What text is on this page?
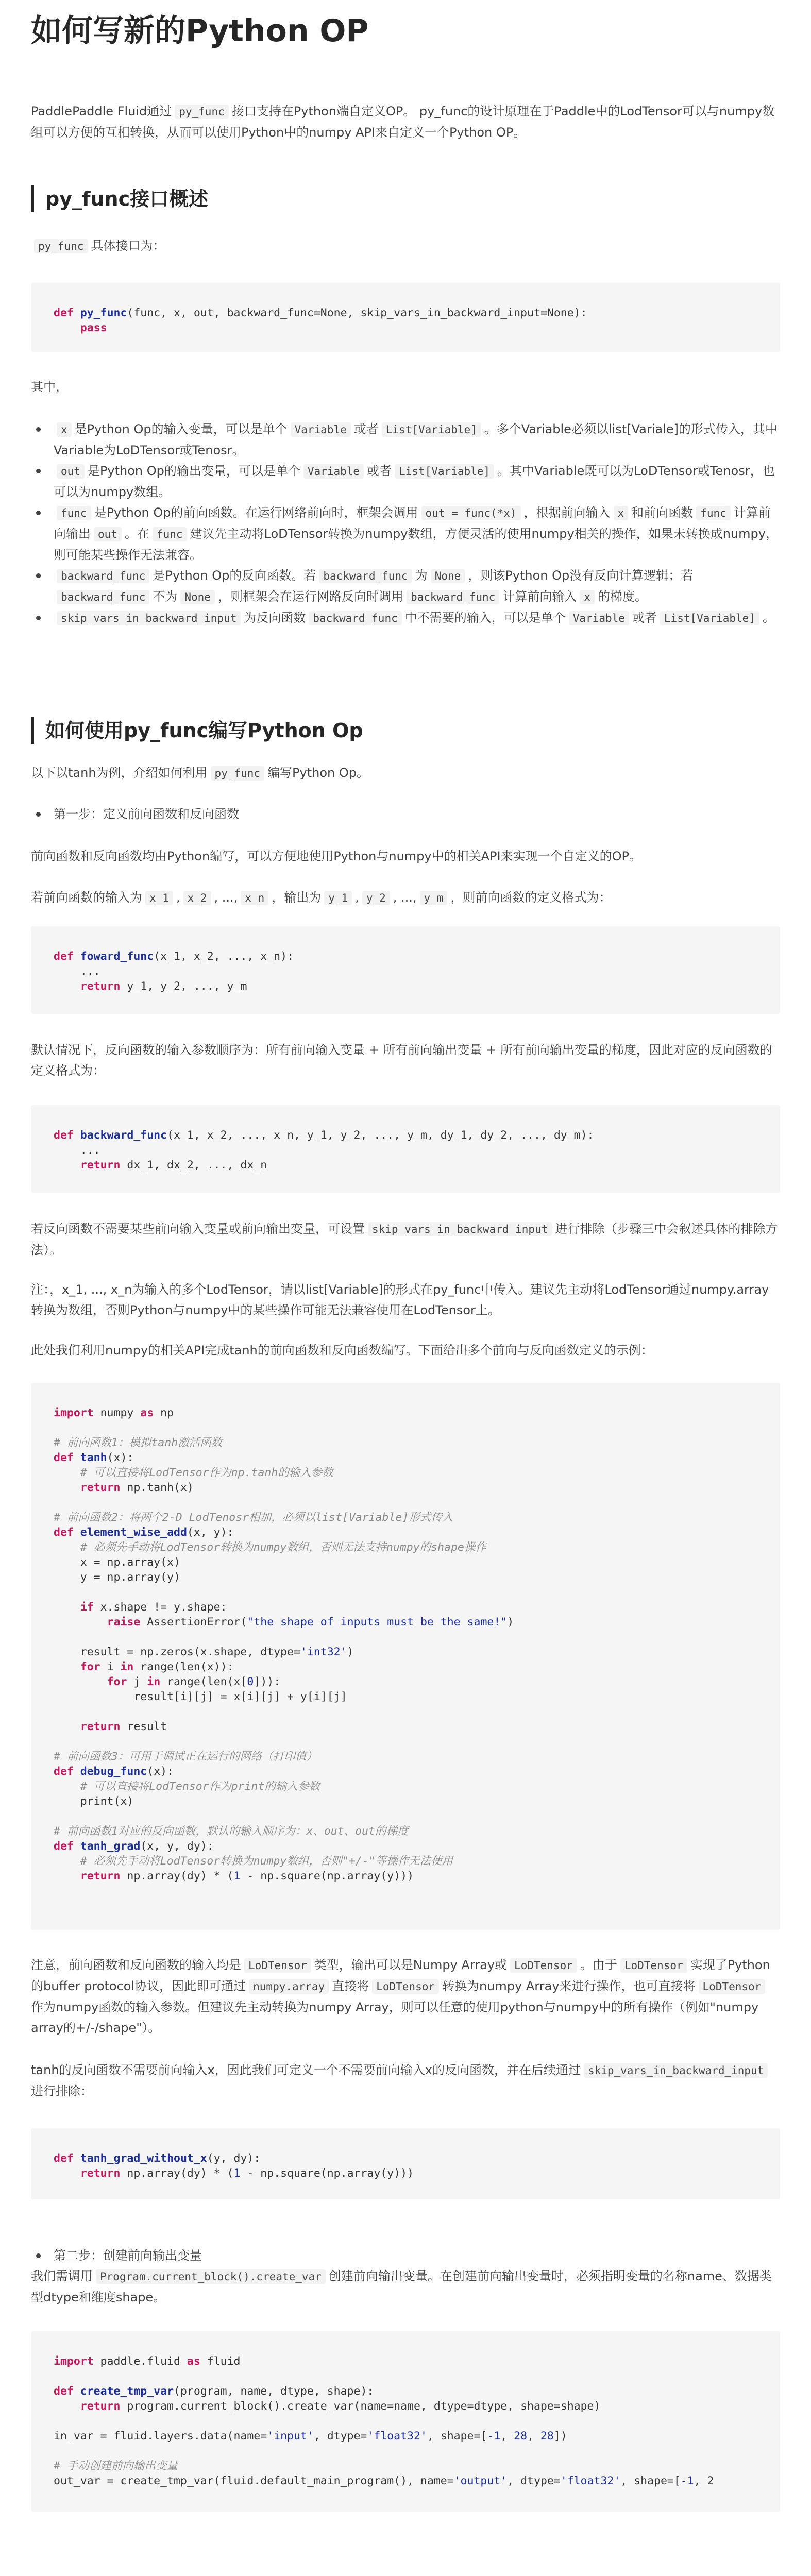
如何写新的Python OP

PaddlePaddle Fluid通过 py_func 接口支持在Python端自定义OP。 py_func的设计原理在于Paddle中的LodTensor可以与numpy数组可以方便的互相转换，从而可以使用Python中的numpy API来自定义一个Python OP。

py_func接口概述

py_func 具体接口为：

def py_func(func, x, out, backward_func=None, skip_vars_in_backward_input=None):
pass

其中，

x 是Python Op的输入变量，可以是单个 Variable 或者 List[Variable] 。多个Variable必须以list[Variale]的形式传入，其中Variable为LoDTensor或Tenosr。
out 是Python Op的输出变量，可以是单个 Variable 或者 List[Variable] 。其中Variable既可以为LoDTensor或Tenosr，也可以为numpy数组。
func 是Python Op的前向函数。在运行网络前向时，框架会调用 out = func(*x) ，根据前向输入 x 和前向函数 func 计算前向输出 out 。在 func 建议先主动将LoDTensor转换为numpy数组，方便灵活的使用numpy相关的操作，如果未转换成numpy，则可能某些操作无法兼容。
backward_func 是Python Op的反向函数。若 backward_func 为 None ，则该Python Op没有反向计算逻辑；若backward_func 不为 None ，则框架会在运行网路反向时调用 backward_func 计算前向输入 x 的梯度。
skip_vars_in_backward_input 为反向函数 backward_func 中不需要的输入，可以是单个 Variable 或者 List[Variable] 。
如何使用py_func编写Python Op

以下以tanh为例，介绍如何利用 py_func 编写Python Op。

第一步：定义前向函数和反向函数

前向函数和反向函数均由Python编写，可以方便地使用Python与numpy中的相关API来实现一个自定义的OP。

若前向函数的输入为 x_1 , x_2 , ..., x_n ，输出为 y_1 , y_2 , ..., y_m ，则前向函数的定义格式为：

def foward_func(x_1, x_2, ..., x_n):
...
return y_1, y_2, ..., y_m

默认情况下，反向函数的输入参数顺序为：所有前向输入变量 + 所有前向输出变量 + 所有前向输出变量的梯度，因此对应的反向函数的定义格式为：

def backward_func(x_1, x_2, ..., x_n, y_1, y_2, ..., y_m, dy_1, dy_2, ..., dy_m):
...
return dx_1, dx_2, ..., dx_n

若反向函数不需要某些前向输入变量或前向输出变量，可设置 skip_vars_in_backward_input 进行排除（步骤三中会叙述具体的排除方法）。

注：，x_1, ..., x_n为输入的多个LodTensor，请以list[Variable]的形式在py_func中传入。建议先主动将LodTensor通过numpy.array转换为数组，否则Python与numpy中的某些操作可能无法兼容使用在LodTensor上。

此处我们利用numpy的相关API完成tanh的前向函数和反向函数编写。下面给出多个前向与反向函数定义的示例：

import numpy as np
# 前向函数1：模拟tanh激活函数
def tanh(x):
# 可以直接将LodTensor作为np.tanh的输入参数
return np.tanh(x)
# 前向函数2：将两个2-D LodTenosr相加，必须以list[Variable]形式传入
def element_wise_add(x, y):
# 必须先手动将LodTensor转换为numpy数组，否则无法支持numpy的shape操作
x = np.array(x)
y = np.array(y)
if x.shape != y.shape:
raise AssertionError("the shape of inputs must be the same!")
result = np.zeros(x.shape, dtype='int32')
for i in range(len(x)):
for j in range(len(x[0])):
result[i][j] = x[i][j] + y[i][j]
return result
# 前向函数3：可用于调试正在运行的网络（打印值）
def debug_func(x):
# 可以直接将LodTensor作为print的输入参数
print(x)
# 前向函数1对应的反向函数，默认的输入顺序为：x、out、out的梯度
def tanh_grad(x, y, dy):
# 必须先手动将LodTensor转换为numpy数组，否则"+/-"等操作无法使用
return np.array(dy) * (1 - np.square(np.array(y)))

注意，前向函数和反向函数的输入均是 LoDTensor 类型，输出可以是Numpy Array或 LoDTensor 。由于 LoDTensor 实现了Python的buffer protocol协议，因此即可通过 numpy.array 直接将 LoDTensor 转换为numpy Array来进行操作，也可直接将 LoDTensor作为numpy函数的输入参数。但建议先主动转换为numpy Array，则可以任意的使用python与numpy中的所有操作（例如"numpy array的+/-/shape"）。

tanh的反向函数不需要前向输入x，因此我们可定义一个不需要前向输入x的反向函数，并在后续通过 skip_vars_in_backward_input进行排除：

def tanh_grad_without_x(y, dy):
return np.array(dy) * (1 - np.square(np.array(y)))

第二步：创建前向输出变量

我们需调用 Program.current_block().create_var 创建前向输出变量。在创建前向输出变量时，必须指明变量的名称name、数据类型dtype和维度shape。

import paddle.fluid as fluid
def create_tmp_var(program, name, dtype, shape):
return program.current_block().create_var(name=name, dtype=dtype, shape=shape)
in_var = fluid.layers.data(name='input', dtype='float32', shape=[-1, 28, 28])
# 手动创建前向输出变量
out_var = create_tmp_var(fluid.default_main_program(), name='output', dtype='float32', shape=[-1, 2
